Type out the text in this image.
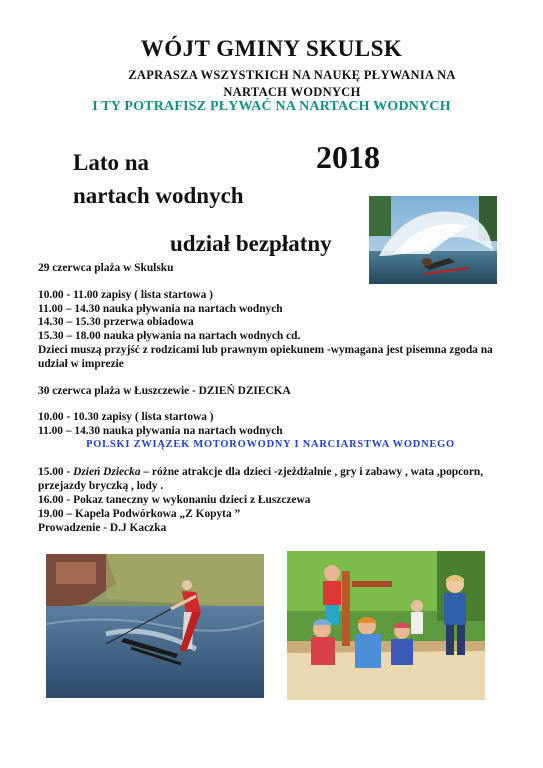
WÓJT GMINY SKULSK
ZAPRASZA WSZYSTKICH NA NAUKĘ PŁYWANIA NA
NARTACH WODNYCH
I TY POTRAFISZ PŁYWAĆ NA NARTACH WODNYCH
Lato na
nartach wodnych
2018
udział bezpłatny
29 czerwca plaża w Skulsku
10.00 - 11.00 zapisy ( lista startowa )
11.00 – 14.30 nauka pływania na nartach wodnych
14.30 – 15.30 przerwa obiadowa
15.30 – 18.00 nauka pływania na nartach wodnych cd.
Dzieci muszą przyjść z rodzicami lub prawnym opiekunem -wymagana jest pisemna zgoda na udział w imprezie
30 czerwca plaża w Łuszczewie - DZIEŃ DZIECKA
10.00 - 10.30 zapisy ( lista startowa )
11.00 – 14.30 nauka pływania na nartach wodnych
POLSKI ZWIĄZEK MOTOROWODNY I NARCIARSTWA WODNEGO
15.00 - Dzień Dziecka – różne atrakcje dla dzieci -zjeżdżalnie , gry i zabawy , wata ,popcorn,
przejazdy bryczką , lody .
16.00 - Pokaz taneczny w wykonaniu dzieci z Łuszczewa
19.00 – Kapela Podwórkowa „Z Kopyta ”
Prowadzenie - D.J Kaczka
